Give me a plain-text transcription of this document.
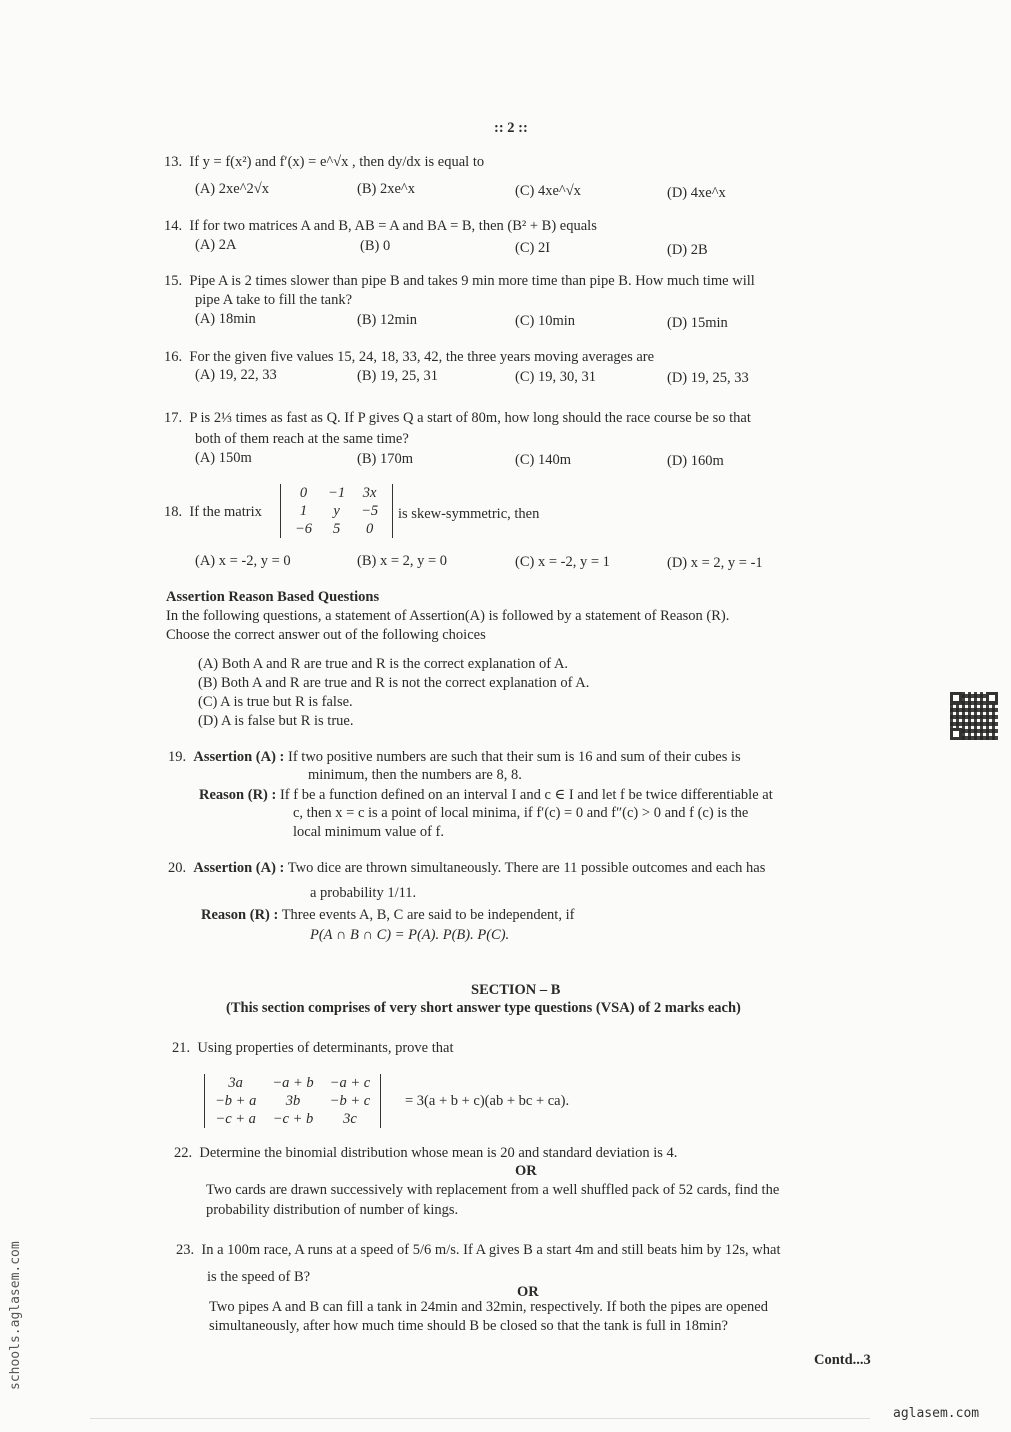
:: 2 ::
13. If y = f(x²) and f′(x) = e^√x , then dy/dx is equal to
(A) 2xe^2√x	(B) 2xe^x	(C) 4xe^√x	(D) 4xe^x
14. If for two matrices A and B, AB = A and BA = B, then (B² + B) equals
(A) 2A	(B) 0	(C) 2I	(D) 2B
15. Pipe A is 2 times slower than pipe B and takes 9 min more time than pipe B. How much time will
pipe A take to fill the tank?
(A) 18min	(B) 12min	(C) 10min	(D) 15min
16. For the given five values 15, 24, 18, 33, 42, the three years moving averages are
(A) 19, 22, 33	(B) 19, 25, 31	(C) 19, 30, 31	(D) 19, 25, 33
17. P is 2⅓ times as fast as Q. If P gives Q a start of 80m, how long should the race course be so that
both of them reach at the same time?
(A) 150m	(B) 170m	(C) 140m	(D) 160m
18. If the matrix
0	−1	3x
1	y	−5
−6	5	0
is skew-symmetric, then
(A) x = -2, y = 0	(B) x = 2, y = 0	(C) x = -2, y = 1	(D) x = 2, y = -1
Assertion Reason Based Questions
In the following questions, a statement of Assertion(A) is followed by a statement of Reason (R).
Choose the correct answer out of the following choices
(A) Both A and R are true and R is the correct explanation of A.
(B) Both A and R are true and R is not the correct explanation of A.
(C) A is true but R is false.
(D) A is false but R is true.
19. Assertion (A) : If two positive numbers are such that their sum is 16 and sum of their cubes is
minimum, then the numbers are 8, 8.
Reason (R) : If f be a function defined on an interval I and c ∈ I and let f be twice differentiable at
c, then x = c is a point of local minima, if f′(c) = 0 and f″(c) > 0 and f (c) is the
local minimum value of f.
20. Assertion (A) : Two dice are thrown simultaneously. There are 11 possible outcomes and each has
a probability 1/11.
Reason (R) : Three events A, B, C are said to be independent, if
P(A ∩ B ∩ C) = P(A). P(B). P(C).
SECTION – B
(This section comprises of very short answer type questions (VSA) of 2 marks each)
21. Using properties of determinants, prove that
3a	−a + b	−a + c
−b + a	3b	−b + c
−c + a	−c + b	3c
= 3(a + b + c)(ab + bc + ca).
22. Determine the binomial distribution whose mean is 20 and standard deviation is 4.
OR
Two cards are drawn successively with replacement from a well shuffled pack of 52 cards, find the
probability distribution of number of kings.
23. In a 100m race, A runs at a speed of 5/6 m/s. If A gives B a start 4m and still beats him by 12s, what
is the speed of B?
OR
Two pipes A and B can fill a tank in 24min and 32min, respectively. If both the pipes are opened
simultaneously, after how much time should B be closed so that the tank is full in 18min?
Contd...3
schools.aglasem.com
aglasem.com
